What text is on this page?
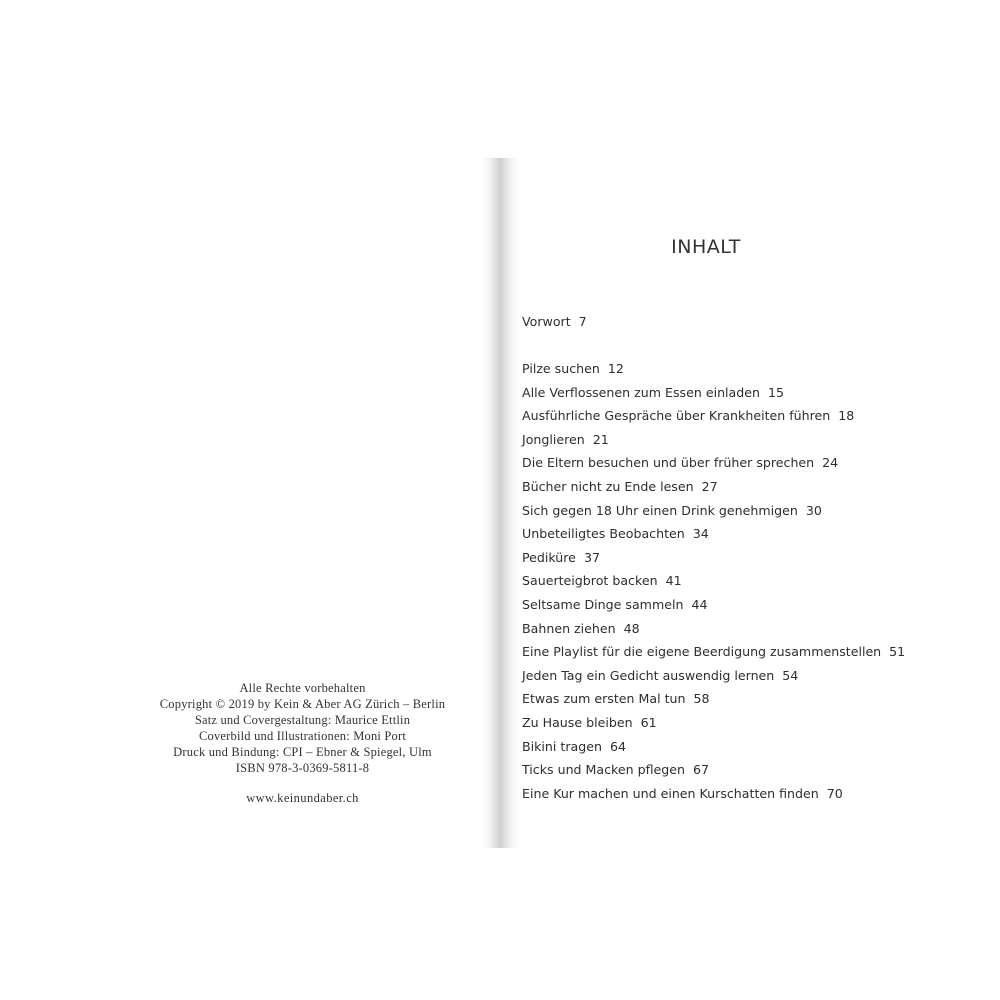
Alle Rechte vorbehalten
Copyright © 2019 by Kein & Aber AG Zürich – Berlin
Satz und Covergestaltung: Maurice Ettlin
Coverbild und Illustrationen: Moni Port
Druck und Bindung: CPI – Ebner & Spiegel, Ulm
ISBN 978-3-0369-5811-8
www.keinundaber.ch
INHALT
Vorwort 7
Pilze suchen 12
Alle Verflossenen zum Essen einladen 15
Ausführliche Gespräche über Krankheiten führen 18
Jonglieren 21
Die Eltern besuchen und über früher sprechen 24
Bücher nicht zu Ende lesen 27
Sich gegen 18 Uhr einen Drink genehmigen 30
Unbeteiligtes Beobachten 34
Pediküre 37
Sauerteigbrot backen 41
Seltsame Dinge sammeln 44
Bahnen ziehen 48
Eine Playlist für die eigene Beerdigung zusammenstellen 51
Jeden Tag ein Gedicht auswendig lernen 54
Etwas zum ersten Mal tun 58
Zu Hause bleiben 61
Bikini tragen 64
Ticks und Macken pflegen 67
Eine Kur machen und einen Kurschatten finden 70
